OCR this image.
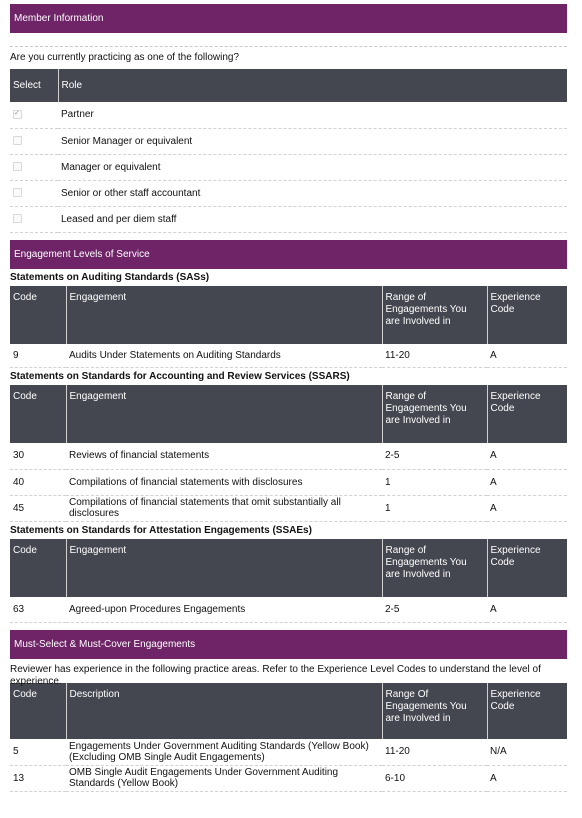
Member Information
Are you currently practicing as one of the following?
Select	Role
✓	Partner
	Senior Manager or equivalent
	Manager or equivalent
	Senior or other staff accountant
	Leased and per diem staff
Engagement Levels of Service
Statements on Auditing Standards (SASs)
Code	Engagement	Range of Engagements You are Involved in	Experience Code
9	Audits Under Statements on Auditing Standards	11-20	A
Statements on Standards for Accounting and Review Services (SSARS)
Code	Engagement	Range of Engagements You are Involved in	Experience Code
30	Reviews of financial statements	2-5	A
40	Compilations of financial statements with disclosures	1	A
45	Compilations of financial statements that omit substantially all disclosures	1	A
Statements on Standards for Attestation Engagements (SSAEs)
Code	Engagement	Range of Engagements You are Involved in	Experience Code
63	Agreed-upon Procedures Engagements	2-5	A
Must-Select & Must-Cover Engagements
Reviewer has experience in the following practice areas. Refer to the Experience Level Codes to understand the level of experience.
Code	Description	Range Of Engagements You are Involved in	Experience Code
5	Engagements Under Government Auditing Standards (Yellow Book) (Excluding OMB Single Audit Engagements)	11-20	N/A
13	OMB Single Audit Engagements Under Government Auditing Standards (Yellow Book)	6-10	A
